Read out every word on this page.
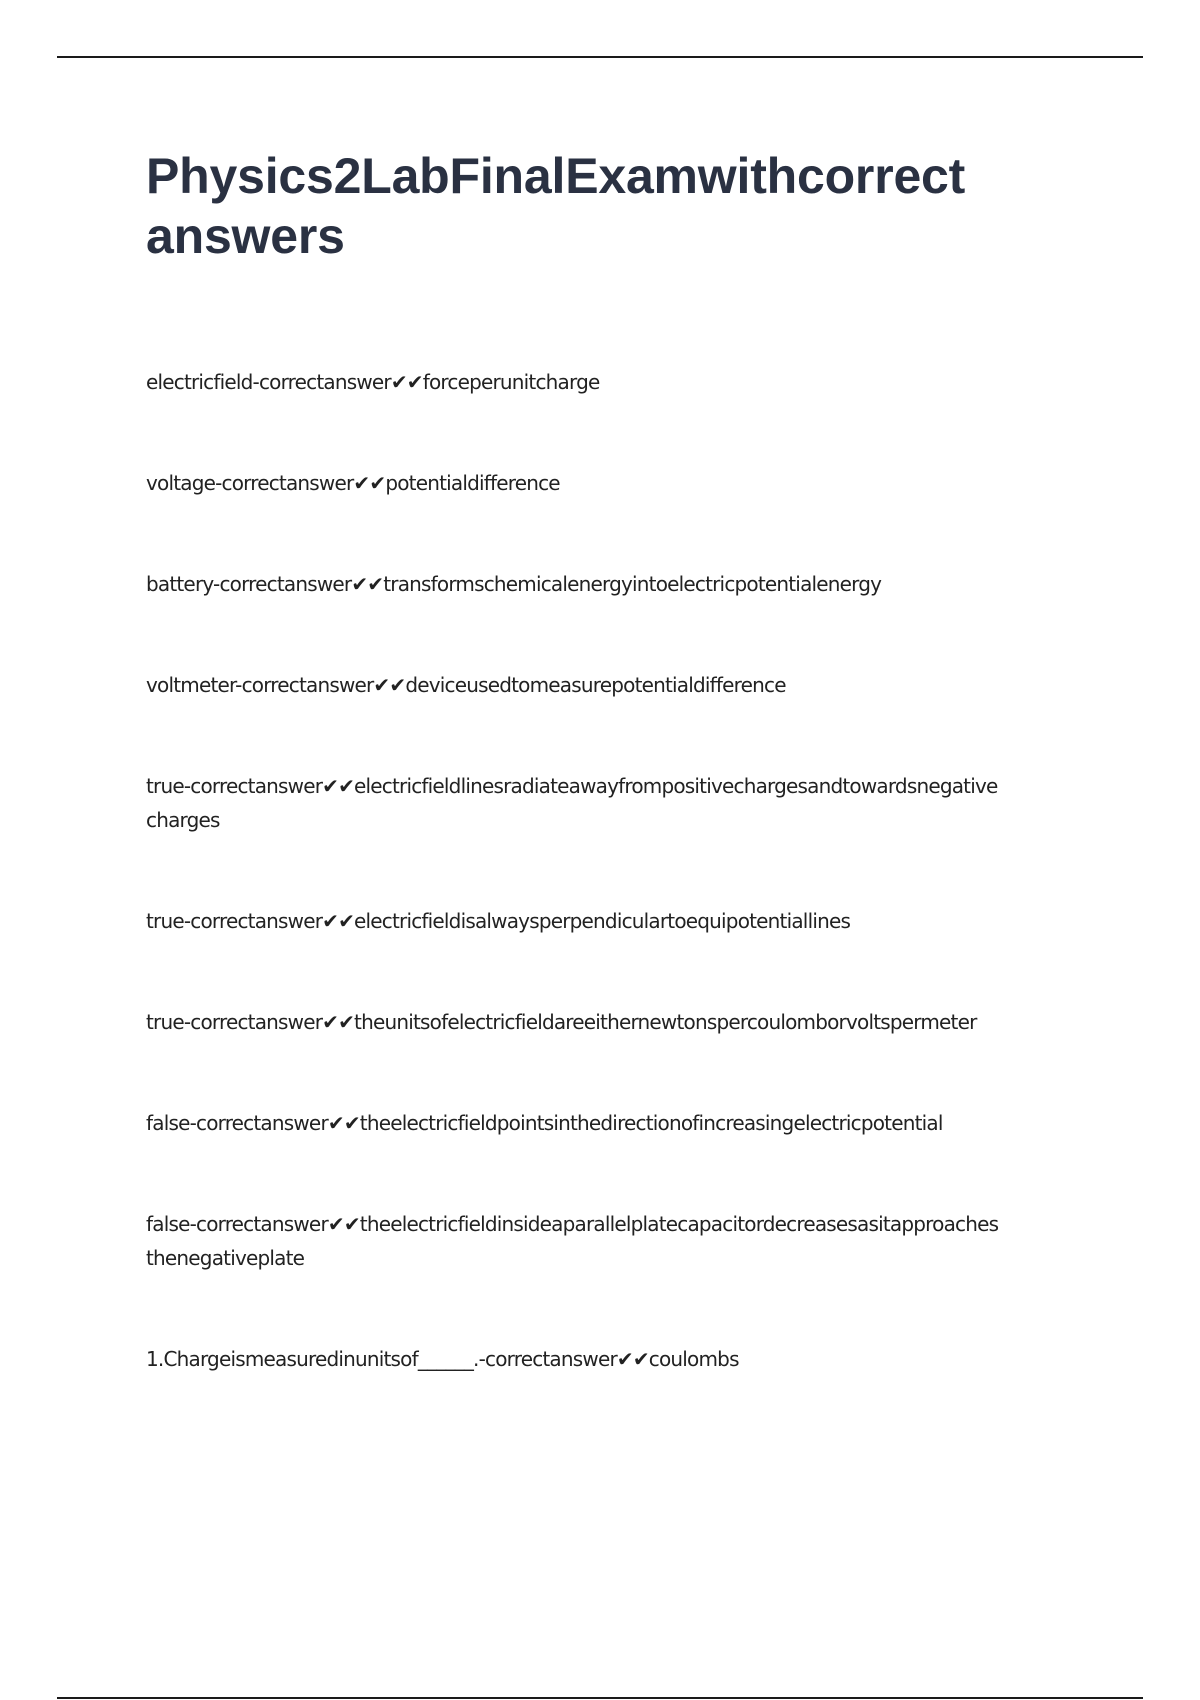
Physics2LabFinalExamwithcorrect answers
electricfield-correctanswer✔✔forceperunitcharge
voltage-correctanswer✔✔potentialdifference
battery-correctanswer✔✔transformschemicalenergyintoelectricpotentialenergy
voltmeter-correctanswer✔✔deviceusedtomeasurepotentialdifference
true-correctanswer✔✔electricfieldlinesradiateawayfrompositivechargesandtowardsnegative charges
true-correctanswer✔✔electricfieldisalwaysperpendiculartoequipotentiallines
true-correctanswer✔✔theunitsofelectricfieldareeithernewtonspercoulomborvoltspermeter
false-correctanswer✔✔theelectricfieldpointsinthedirectionofincreasingelectricpotential
false-correctanswer✔✔theelectricfieldinsideaparallelplatecapacitordecreasesasitapproaches thenegativeplate
1.Chargeismeasuredinunitsof______.-correctanswer✔✔coulombs
